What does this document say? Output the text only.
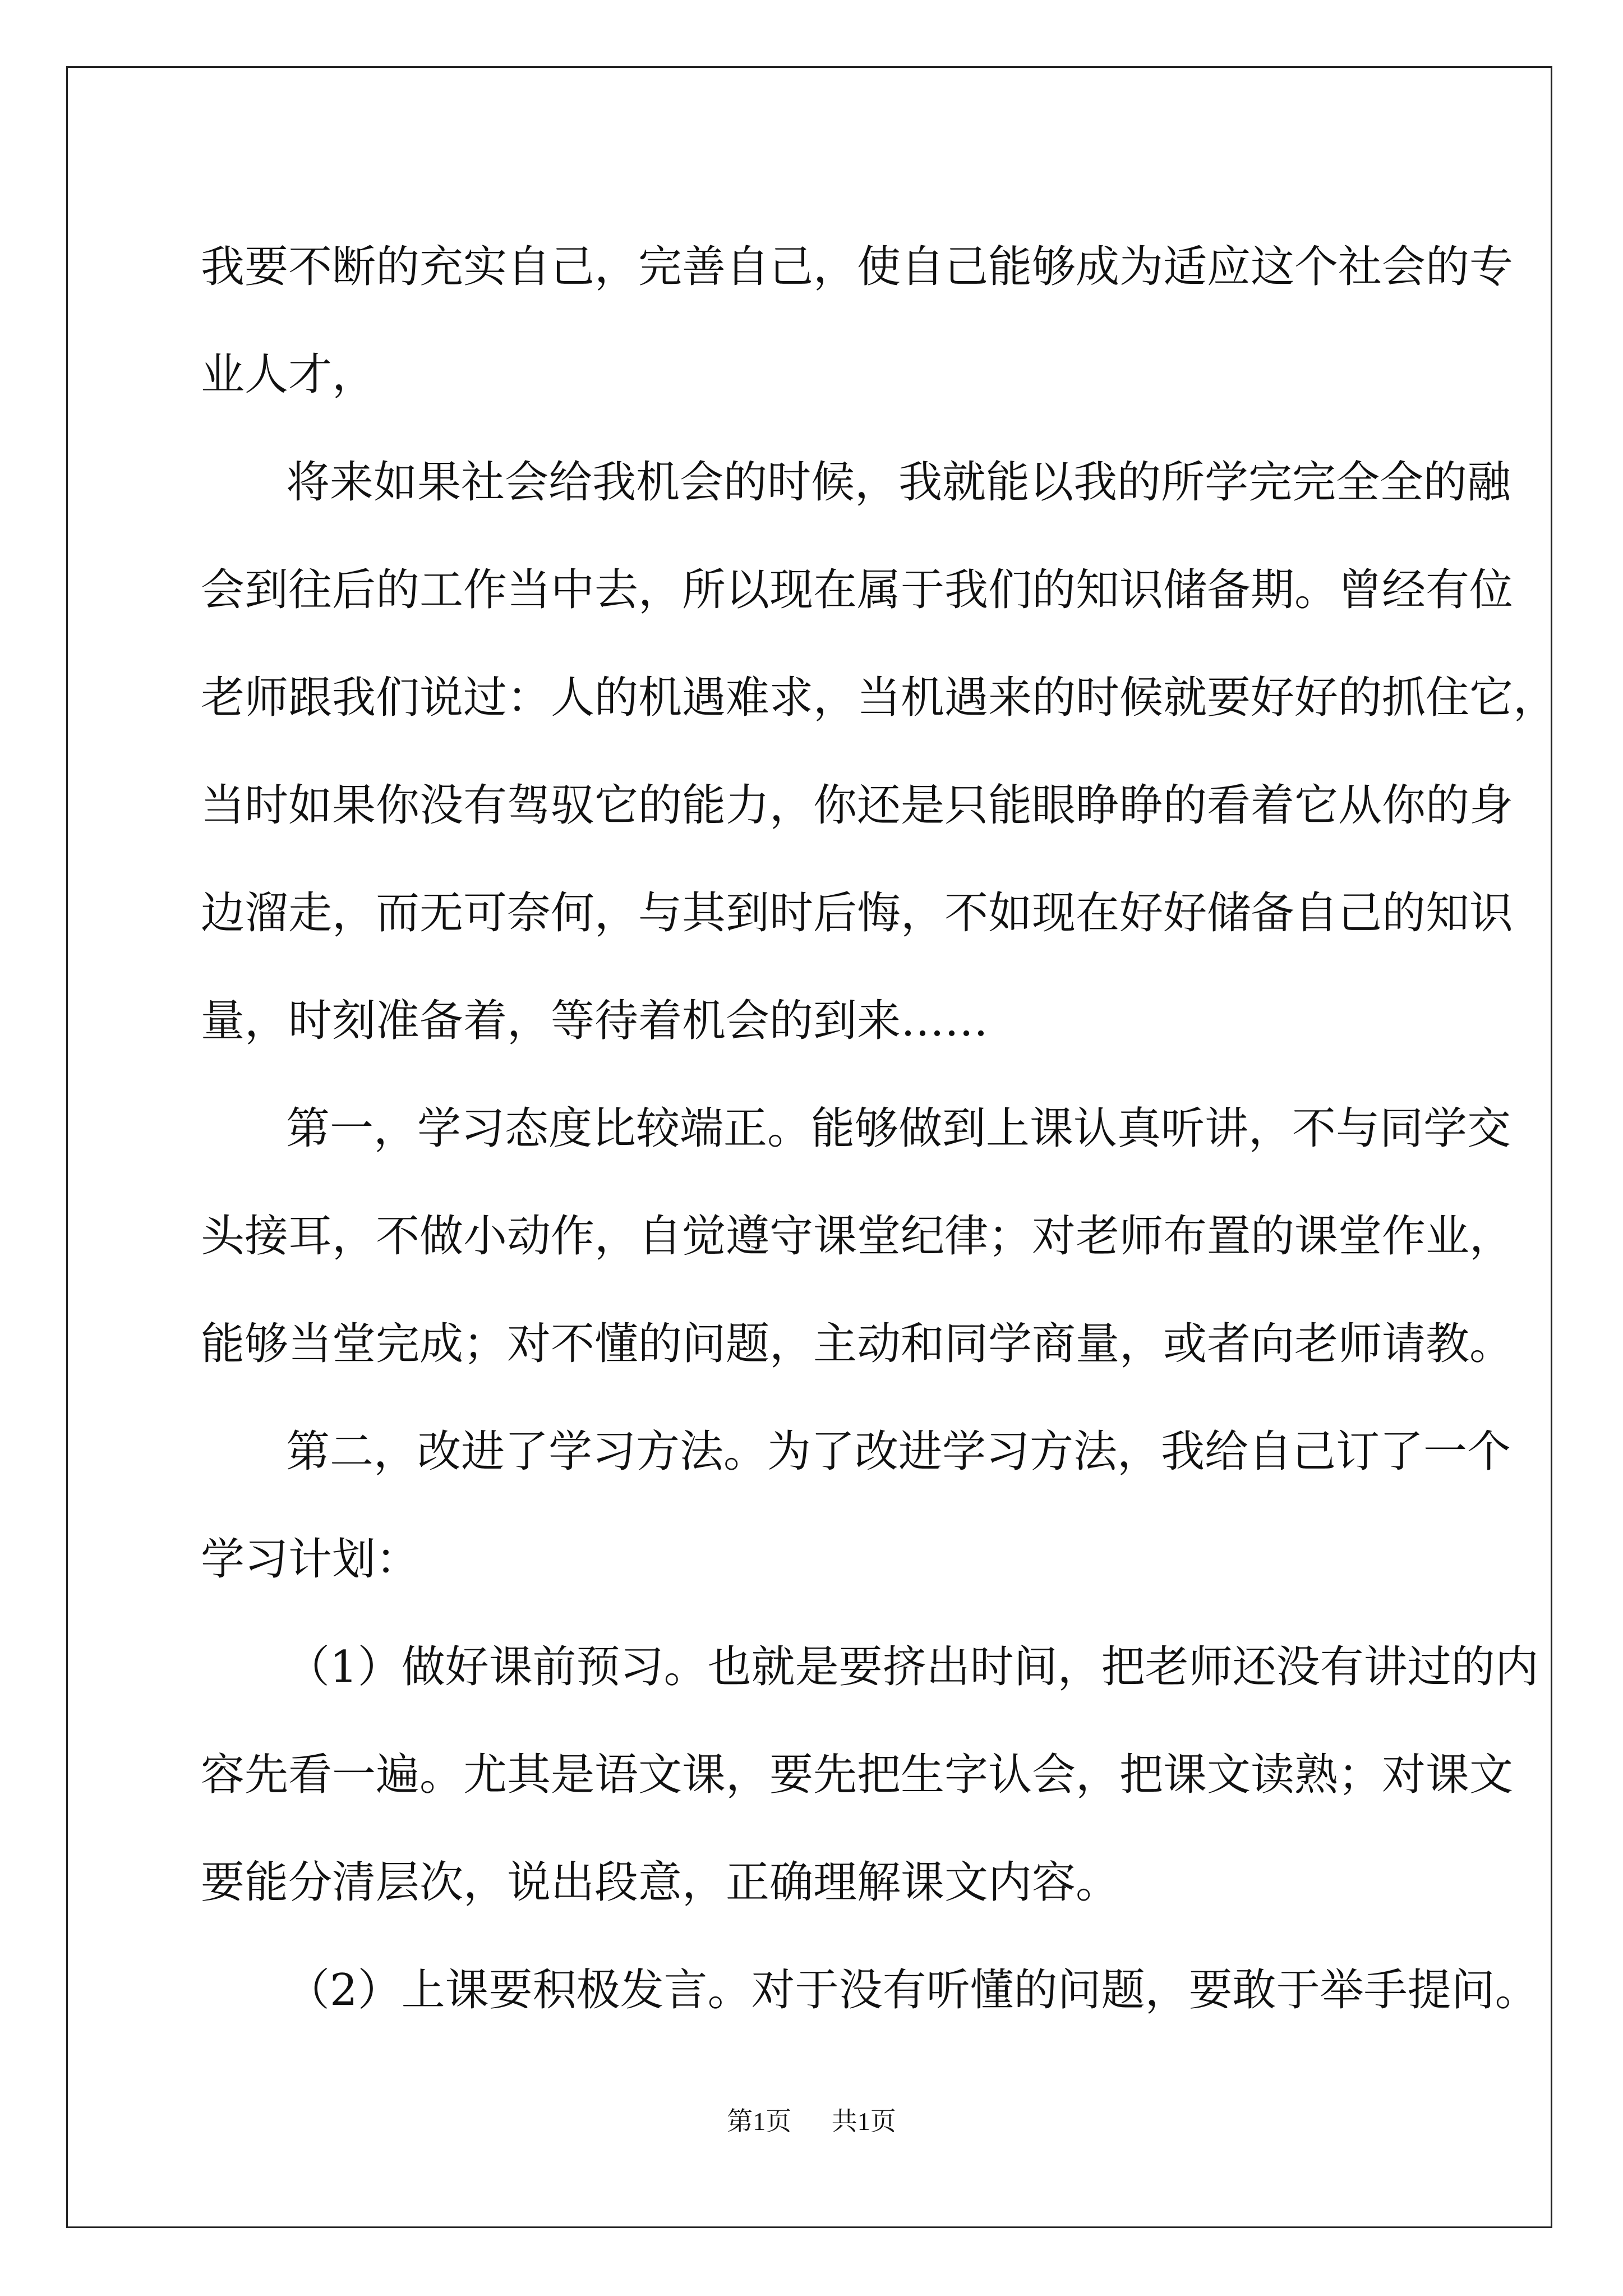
我要不断的充实自己，完善自己，使自己能够成为适应这个社会的专
业人才，
将来如果社会给我机会的时候，我就能以我的所学完完全全的融
会到往后的工作当中去，所以现在属于我们的知识储备期。曾经有位
老师跟我们说过：人的机遇难求，当机遇来的时候就要好好的抓住它，
当时如果你没有驾驭它的能力，你还是只能眼睁睁的看着它从你的身
边溜走，而无可奈何，与其到时后悔，不如现在好好储备自己的知识
量，时刻准备着，等待着机会的到来……
第一，学习态度比较端正。能够做到上课认真听讲，不与同学交
头接耳，不做小动作，自觉遵守课堂纪律；对老师布置的课堂作业，
能够当堂完成；对不懂的问题，主动和同学商量，或者向老师请教。
第二，改进了学习方法。为了改进学习方法，我给自己订了一个
学习计划：
（1）做好课前预习。也就是要挤出时间，把老师还没有讲过的内
容先看一遍。尤其是语文课，要先把生字认会，把课文读熟；对课文
要能分清层次，说出段意，正确理解课文内容。
（2）上课要积极发言。对于没有听懂的问题，要敢于举手提问。
第1页 共1页
